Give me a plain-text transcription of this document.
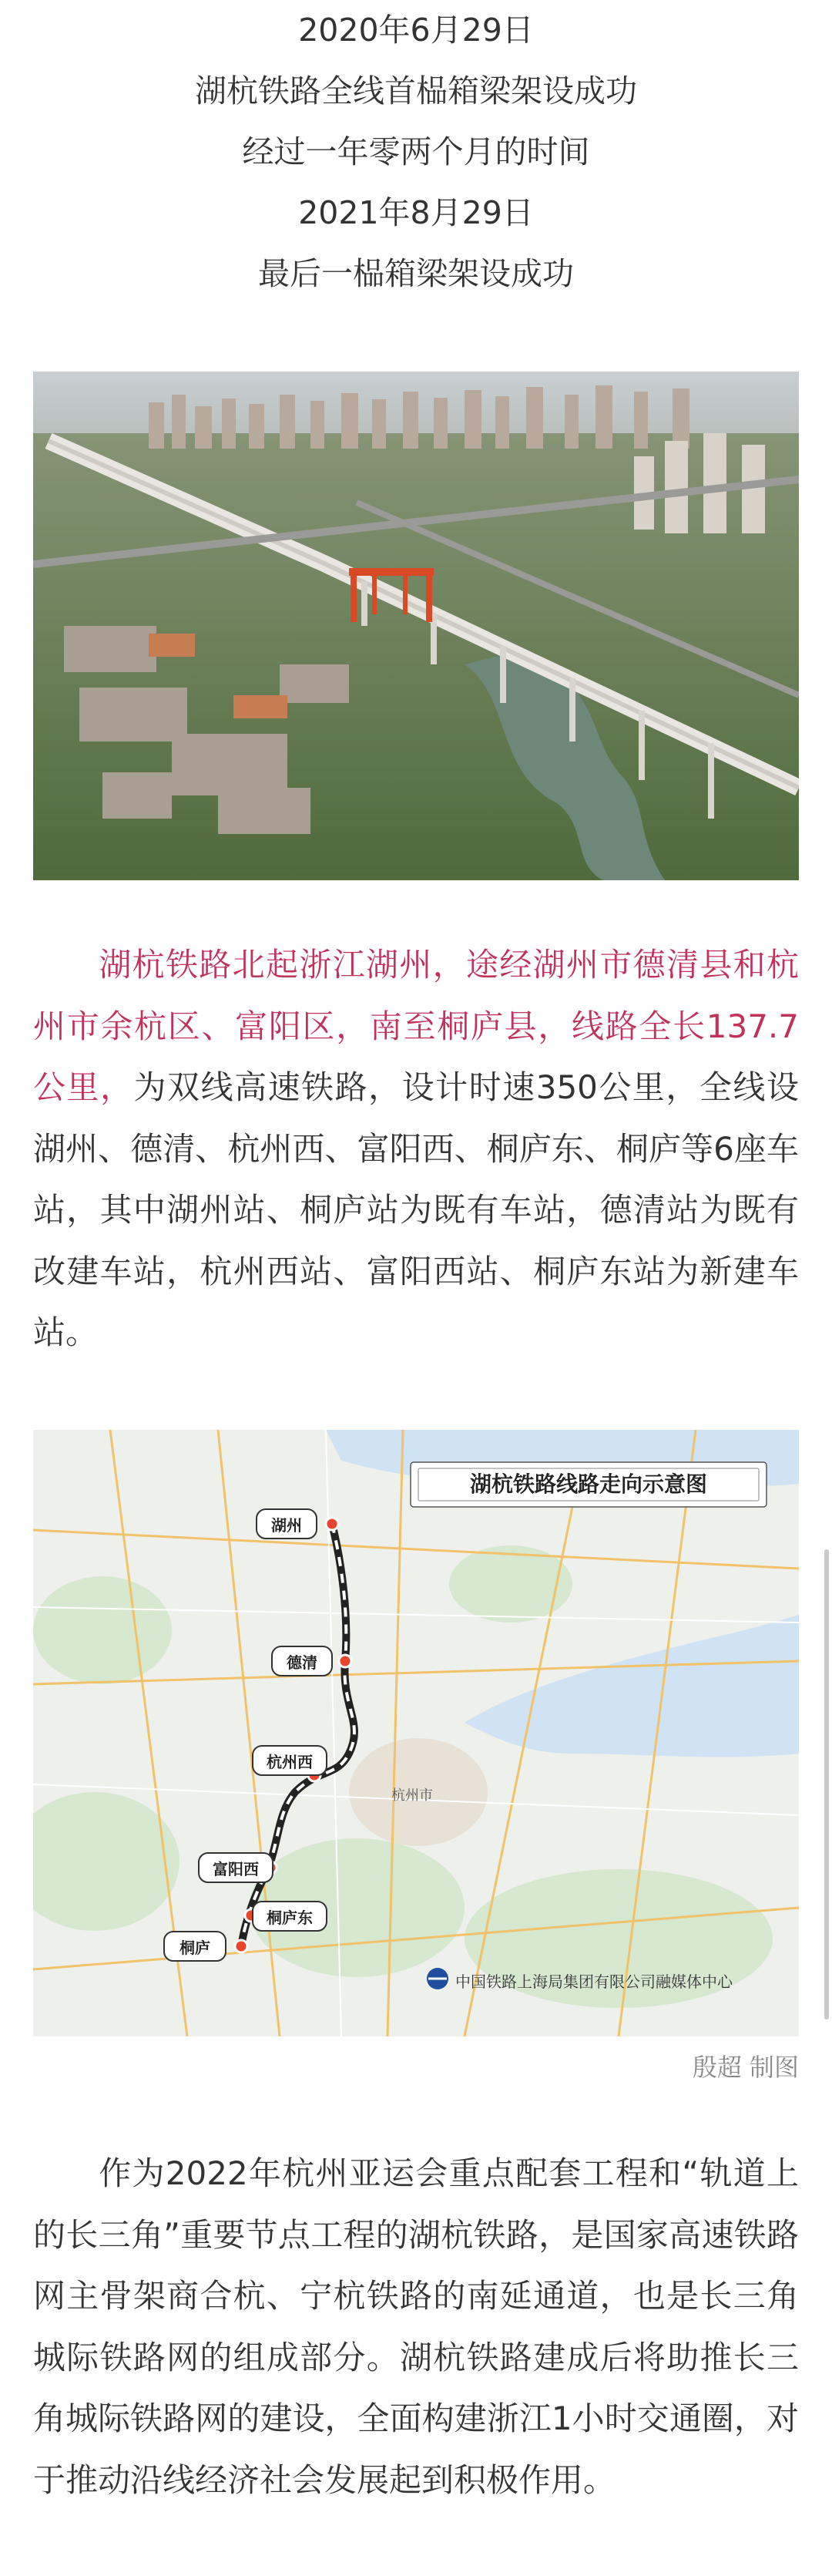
2020年6月29日
湖杭铁路全线首榀箱梁架设成功
经过一年零两个月的时间
2021年8月29日
最后一榀箱梁架设成功
湖杭铁路北起浙江湖州，途经湖州市德清县和杭州市余杭区、富阳区，南至桐庐县，线路全长137.7公里，为双线高速铁路，设计时速350公里，全线设湖州、德清、杭州西、富阳西、桐庐东、桐庐等6座车站，其中湖州站、桐庐站为既有车站，德清站为既有改建车站，杭州西站、富阳西站、桐庐东站为新建车站。
湖杭铁路线路走向示意图
湖州
德清
杭州西
富阳西
桐庐东
桐庐
杭州市
中国铁路上海局集团有限公司融媒体中心
殷超 制图
作为2022年杭州亚运会重点配套工程和“轨道上的长三角”重要节点工程的湖杭铁路，是国家高速铁路网主骨架商合杭、宁杭铁路的南延通道，也是长三角城际铁路网的组成部分。湖杭铁路建成后将助推长三角城际铁路网的建设，全面构建浙江1小时交通圈，对于推动沿线经济社会发展起到积极作用。
